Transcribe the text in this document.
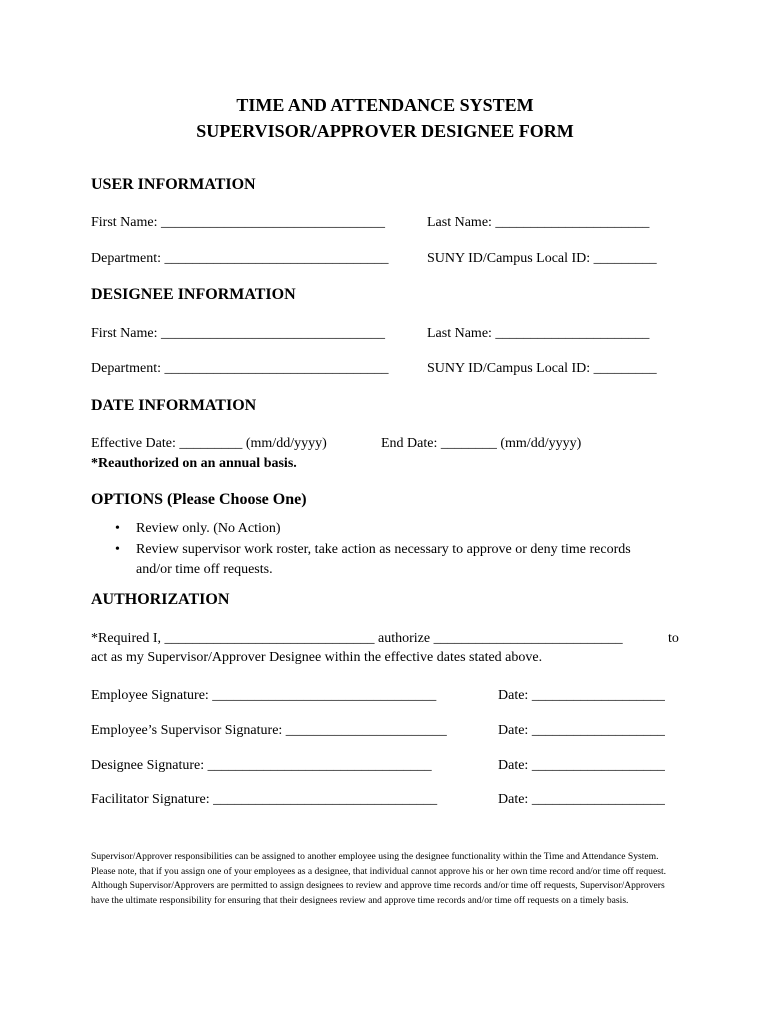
TIME AND ATTENDANCE SYSTEM
SUPERVISOR/APPROVER DESIGNEE FORM
USER INFORMATION
First Name: ________________________________	Last Name: ______________________
Department: ________________________________	SUNY ID/Campus Local ID: _________
DESIGNEE INFORMATION
First Name: ________________________________	Last Name: ______________________
Department: ________________________________	SUNY ID/Campus Local ID: _________
DATE INFORMATION
Effective Date: _________ (mm/dd/yyyy)	End Date: ________ (mm/dd/yyyy)
*Reauthorized on an annual basis.
OPTIONS (Please Choose One)
• Review only. (No Action)
• Review supervisor work roster, take action as necessary to approve or deny time records
and/or time off requests.
AUTHORIZATION
*Required I, ______________________________ authorize ___________________________	to
act as my Supervisor/Approver Designee within the effective dates stated above.
Employee Signature: ________________________________	Date: ___________________
Employee’s Supervisor Signature: _______________________	Date: ___________________
Designee Signature: ________________________________	Date: ___________________
Facilitator Signature: ________________________________	Date: ___________________
Supervisor/Approver responsibilities can be assigned to another employee using the designee functionality within the Time and Attendance System. Please note, that if you assign one of your employees as a designee, that individual cannot approve his or her own time record and/or time off request. Although Supervisor/Approvers are permitted to assign designees to review and approve time records and/or time off requests, Supervisor/Approvers have the ultimate responsibility for ensuring that their designees review and approve time records and/or time off requests on a timely basis.
